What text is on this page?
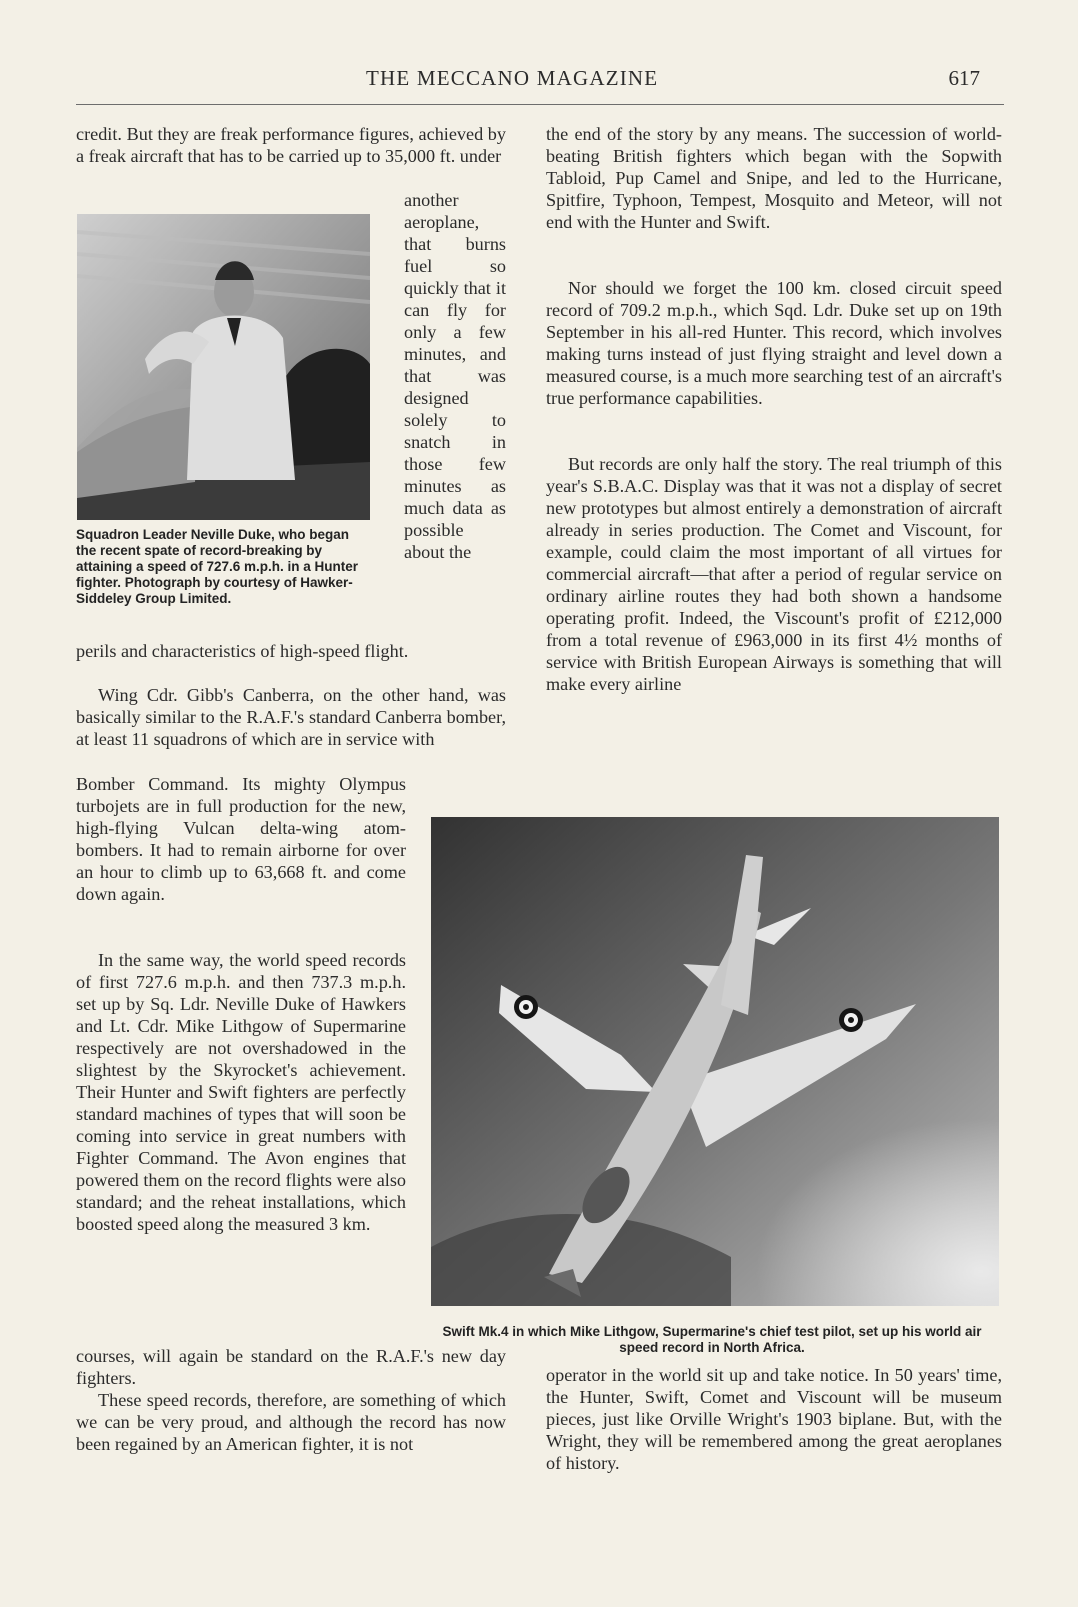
THE MECCANO MAGAZINE	617
credit. But they are freak performance figures, achieved by a freak aircraft that has to be carried up to 35,000 ft. under
another aeroplane, that burns fuel so quickly that it can fly for only a few minutes, and that was designed solely to snatch in those few minutes as much data as possible about the
Squadron Leader Neville Duke, who began the recent spate of record-breaking by attaining a speed of 727.6 m.p.h. in a Hunter fighter. Photograph by courtesy of Hawker-Siddeley Group Limited.
perils and characteristics of high-speed flight.
Wing Cdr. Gibb's Canberra, on the other hand, was basically similar to the R.A.F.'s standard Canberra bomber, at least 11 squadrons of which are in service with
Bomber Command. Its mighty Olympus turbojets are in full production for the new, high-flying Vulcan delta-wing atom-bombers. It had to remain airborne for over an hour to climb up to 63,668 ft. and come down again.
In the same way, the world speed records of first 727.6 m.p.h. and then 737.3 m.p.h. set up by Sq. Ldr. Neville Duke of Hawkers and Lt. Cdr. Mike Lithgow of Supermarine respectively are not overshadowed in the slightest by the Skyrocket's achievement. Their Hunter and Swift fighters are perfectly standard machines of types that will soon be coming into service in great numbers with Fighter Command. The Avon engines that powered them on the record flights were also standard; and the reheat installations, which boosted speed along the measured 3 km.
courses, will again be standard on the R.A.F.'s new day fighters.
These speed records, therefore, are something of which we can be very proud, and although the record has now been regained by an American fighter, it is not
the end of the story by any means. The succession of world-beating British fighters which began with the Sopwith Tabloid, Pup Camel and Snipe, and led to the Hurricane, Spitfire, Typhoon, Tempest, Mosquito and Meteor, will not end with the Hunter and Swift.
Nor should we forget the 100 km. closed circuit speed record of 709.2 m.p.h., which Sqd. Ldr. Duke set up on 19th September in his all-red Hunter. This record, which involves making turns instead of just flying straight and level down a measured course, is a much more searching test of an aircraft's true performance capabilities.
But records are only half the story. The real triumph of this year's S.B.A.C. Display was that it was not a display of secret new prototypes but almost entirely a demonstration of aircraft already in series production. The Comet and Viscount, for example, could claim the most important of all virtues for commercial aircraft—that after a period of regular service on ordinary airline routes they had both shown a handsome operating profit. Indeed, the Viscount's profit of £212,000 from a total revenue of £963,000 in its first 4½ months of service with British European Airways is something that will make every airline
Swift Mk.4 in which Mike Lithgow, Supermarine's chief test pilot, set up his world air speed record in North Africa.
operator in the world sit up and take notice. In 50 years' time, the Hunter, Swift, Comet and Viscount will be museum pieces, just like Orville Wright's 1903 biplane. But, with the Wright, they will be remembered among the great aeroplanes of history.
